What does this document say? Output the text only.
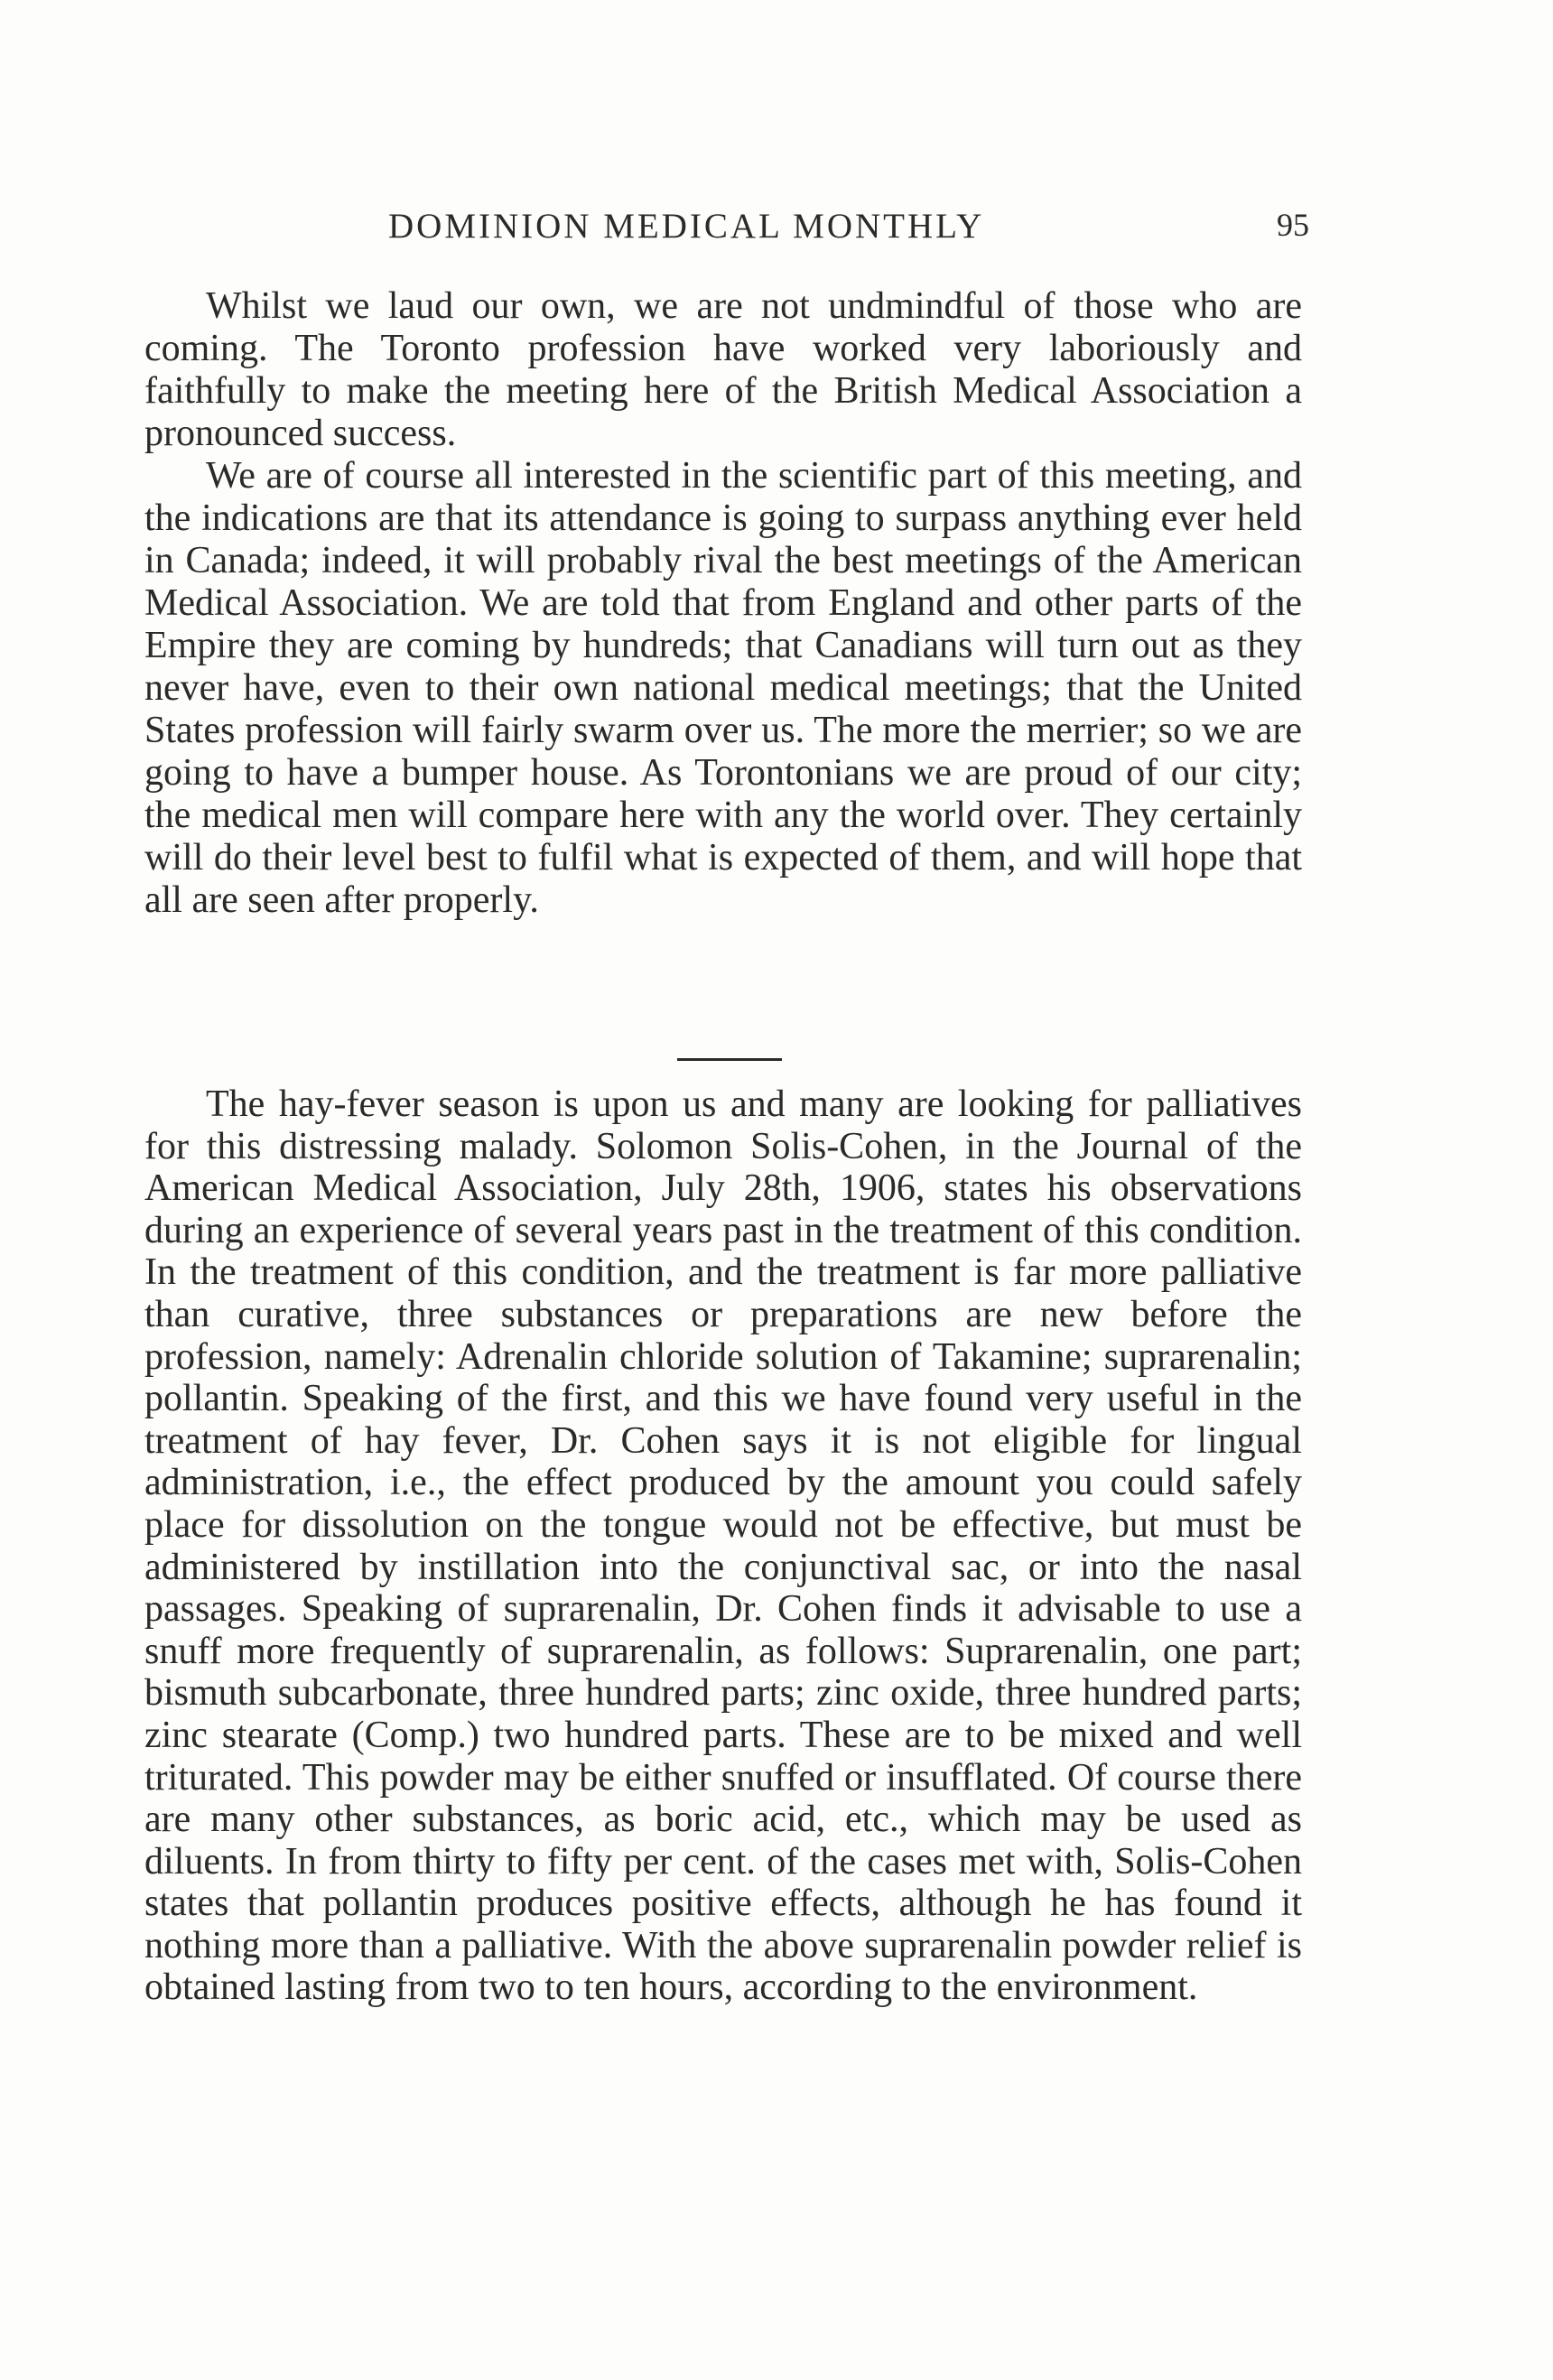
DOMINION MEDICAL MONTHLY	95

Whilst we laud our own, we are not undmindful of those who are coming. The Toronto profession have worked very laboriously and faithfully to make the meeting here of the British Medical Association a pronounced success.

We are of course all interested in the scientific part of this meeting, and the indications are that its attendance is going to surpass anything ever held in Canada; indeed, it will probably rival the best meetings of the American Medical Association. We are told that from England and other parts of the Empire they are coming by hundreds; that Canadians will turn out as they never have, even to their own national medical meetings; that the United States profession will fairly swarm over us. The more the merrier; so we are going to have a bumper house. As Torontonians we are proud of our city; the medical men will compare here with any the world over. They certainly will do their level best to fulfil what is expected of them, and will hope that all are seen after properly.

The hay-fever season is upon us and many are looking for palliatives for this distressing malady. Solomon Solis-Cohen, in the Journal of the American Medical Association, July 28th, 1906, states his observations during an experience of several years past in the treatment of this condition. In the treatment of this condition, and the treatment is far more palliative than curative, three substances or preparations are new before the profession, namely: Adrenalin chloride solution of Takamine; suprarenalin; pollantin. Speaking of the first, and this we have found very useful in the treatment of hay fever, Dr. Cohen says it is not eligible for lingual administration, i.e., the effect produced by the amount you could safely place for dissolution on the tongue would not be effective, but must be administered by instillation into the conjunctival sac, or into the nasal passages. Speaking of suprarenalin, Dr. Cohen finds it advisable to use a snuff more frequently of suprarenalin, as follows: Suprarenalin, one part; bismuth subcarbonate, three hundred parts; zinc oxide, three hundred parts; zinc stearate (Comp.) two hundred parts. These are to be mixed and well triturated. This powder may be either snuffed or insufflated. Of course there are many other substances, as boric acid, etc., which may be used as diluents. In from thirty to fifty per cent. of the cases met with, Solis-Cohen states that pollantin produces positive effects, although he has found it nothing more than a palliative. With the above suprarenalin powder relief is obtained lasting from two to ten hours, according to the environment.
